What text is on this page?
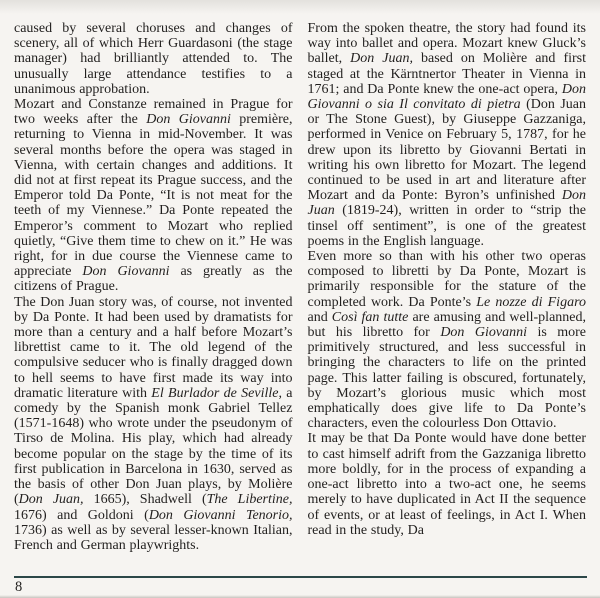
caused by several choruses and changes of scenery, all of which Herr Guardasoni (the stage manager) had brilliantly attended to. The unusually large attendance testifies to a unanimous approbation.

Mozart and Constanze remained in Prague for two weeks after the Don Giovanni première, returning to Vienna in mid-November. It was several months before the opera was staged in Vienna, with certain changes and additions. It did not at first repeat its Prague success, and the Emperor told Da Ponte, “It is not meat for the teeth of my Viennese.” Da Ponte repeated the Emperor’s comment to Mozart who replied quietly, “Give them time to chew on it.” He was right, for in due course the Viennese came to appreciate Don Giovanni as greatly as the citizens of Prague.

The Don Juan story was, of course, not invented by Da Ponte. It had been used by dramatists for more than a century and a half before Mozart’s librettist came to it. The old legend of the compulsive seducer who is finally dragged down to hell seems to have first made its way into dramatic literature with El Burlador de Seville, a comedy by the Spanish monk Gabriel Tellez (1571-1648) who wrote under the pseudonym of Tirso de Molina. His play, which had already become popular on the stage by the time of its first publication in Barcelona in 1630, served as the basis of other Don Juan plays, by Molière (Don Juan, 1665), Shadwell (The Libertine, 1676) and Goldoni (Don Giovanni Tenorio, 1736) as well as by several lesser-known Italian, French and German playwrights.

From the spoken theatre, the story had found its way into ballet and opera. Mozart knew Gluck’s ballet, Don Juan, based on Molière and first staged at the Kärntnertor Theater in Vienna in 1761; and Da Ponte knew the one-act opera, Don Giovanni o sia Il convitato di pietra (Don Juan or The Stone Guest), by Giuseppe Gazzaniga, performed in Venice on February 5, 1787, for he drew upon its libretto by Giovanni Bertati in writing his own libretto for Mozart. The legend continued to be used in art and literature after Mozart and da Ponte: Byron’s unfinished Don Juan (1819-24), written in order to “strip the tinsel off sentiment”, is one of the greatest poems in the English language.

Even more so than with his other two operas composed to libretti by Da Ponte, Mozart is primarily responsible for the stature of the completed work. Da Ponte’s Le nozze di Figaro and Così fan tutte are amusing and well-planned, but his libretto for Don Giovanni is more primitively structured, and less successful in bringing the characters to life on the printed page. This latter failing is obscured, fortunately, by Mozart’s glorious music which most emphatically does give life to Da Ponte’s characters, even the colourless Don Ottavio.

It may be that Da Ponte would have done better to cast himself adrift from the Gazzaniga libretto more boldly, for in the process of expanding a one-act libretto into a two-act one, he seems merely to have duplicated in Act II the sequence of events, or at least of feelings, in Act I. When read in the study, Da

8
